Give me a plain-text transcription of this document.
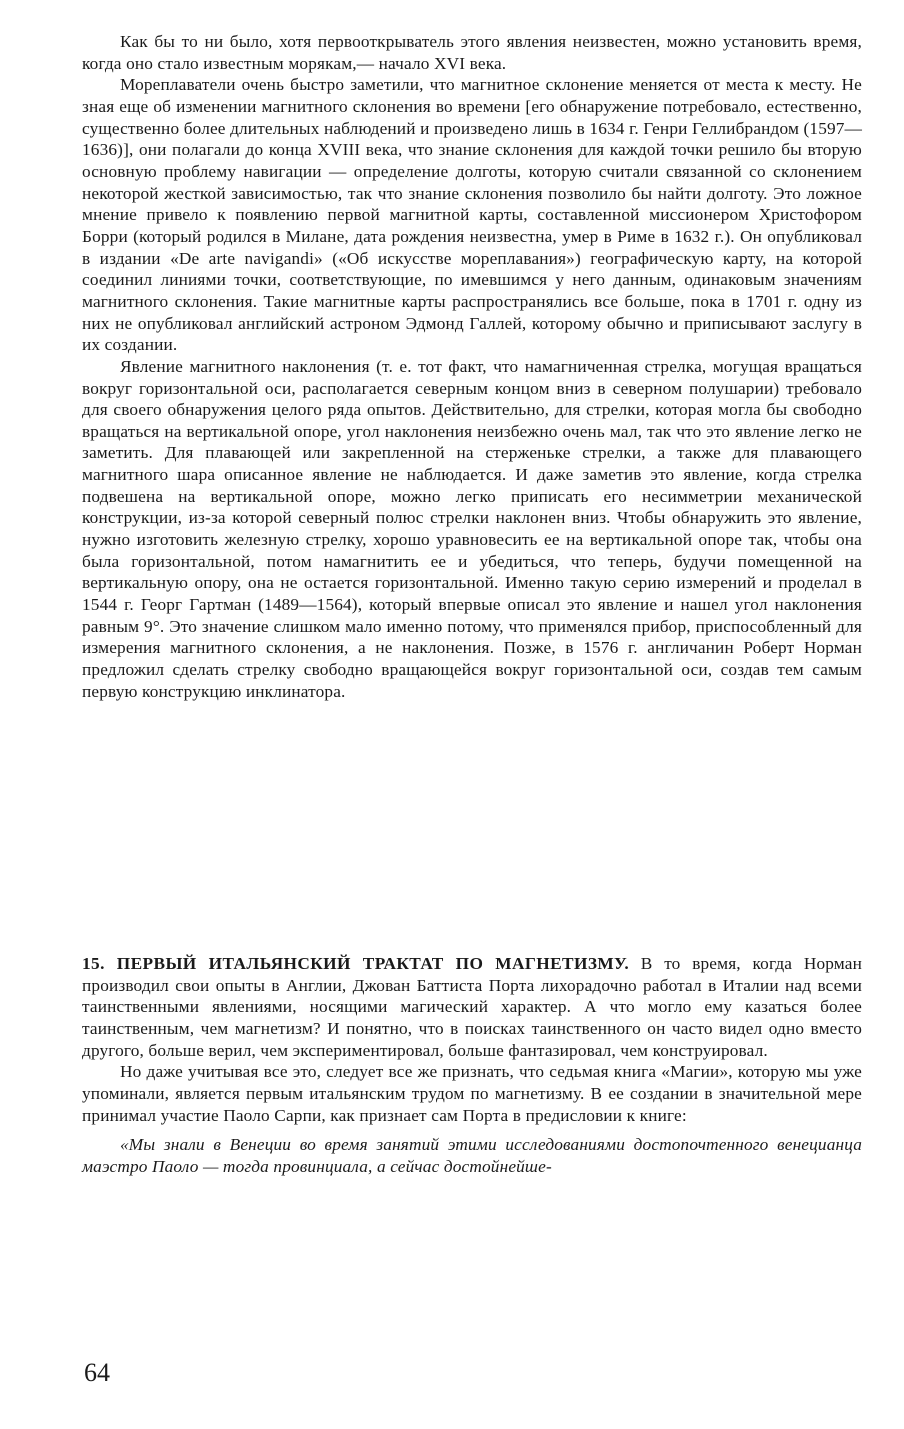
Как бы то ни было, хотя первооткрыватель этого явления неизвестен, можно установить время, когда оно стало известным морякам,— начало XVI века.

Мореплаватели очень быстро заметили, что магнитное склонение меняется от места к месту. Не зная еще об изменении магнитного склонения во времени [его обнаружение потребовало, естественно, существенно более длительных наблюдений и произведено лишь в 1634 г. Генри Геллибрандом (1597—1636)], они полагали до конца XVIII века, что знание склонения для каждой точки решило бы вторую основную проблему навигации — определение долготы, которую считали связанной со склонением некоторой жесткой зависимостью, так что знание склонения позволило бы найти долготу. Это ложное мнение привело к появлению первой магнитной карты, составленной миссионером Христофором Борри (который родился в Милане, дата рождения неизвестна, умер в Риме в 1632 г.). Он опубликовал в издании «De arte navigandi» («Об искусстве мореплавания») географическую карту, на которой соединил линиями точки, соответствующие, по имевшимся у него данным, одинаковым значениям магнитного склонения. Такие магнитные карты распространялись все больше, пока в 1701 г. одну из них не опубликовал английский астроном Эдмонд Галлей, которому обычно и приписывают заслугу в их создании.

Явление магнитного наклонения (т. е. тот факт, что намагниченная стрелка, могущая вращаться вокруг горизонтальной оси, располагается северным концом вниз в северном полушарии) требовало для своего обнаружения целого ряда опытов. Действительно, для стрелки, которая могла бы свободно вращаться на вертикальной опоре, угол наклонения неизбежно очень мал, так что это явление легко не заметить. Для плавающей или закрепленной на стерженьке стрелки, а также для плавающего магнитного шара описанное явление не наблюдается. И даже заметив это явление, когда стрелка подвешена на вертикальной опоре, можно легко приписать его несимметрии механической конструкции, из-за которой северный полюс стрелки наклонен вниз. Чтобы обнаружить это явление, нужно изготовить железную стрелку, хорошо уравновесить ее на вертикальной опоре так, чтобы она была горизонтальной, потом намагнитить ее и убедиться, что теперь, будучи помещенной на вертикальную опору, она не остается горизонтальной. Именно такую серию измерений и проделал в 1544 г. Георг Гартман (1489—1564), который впервые описал это явление и нашел угол наклонения равным 9°. Это значение слишком мало именно потому, что применялся прибор, приспособленный для измерения магнитного склонения, а не наклонения. Позже, в 1576 г. англичанин Роберт Норман предложил сделать стрелку свободно вращающейся вокруг горизонтальной оси, создав тем самым первую конструкцию инклинатора.

15. ПЕРВЫЙ ИТАЛЬЯНСКИЙ ТРАКТАТ ПО МАГНЕТИЗМУ. В то время, когда Норман производил свои опыты в Англии, Джован Баттиста Порта лихорадочно работал в Италии над всеми таинственными явлениями, носящими магический характер. А что могло ему казаться более таинственным, чем магнетизм? И понятно, что в поисках таинственного он часто видел одно вместо другого, больше верил, чем экспериментировал, больше фантазировал, чем конструировал.

Но даже учитывая все это, следует все же признать, что седьмая книга «Магии», которую мы уже упоминали, является первым итальянским трудом по магнетизму. В ее создании в значительной мере принимал участие Паоло Сарпи, как признает сам Порта в предисловии к книге:

«Мы знали в Венеции во время занятий этими исследованиями достопочтенного венецианца маэстро Паоло — тогда провинциала, а сейчас достойнейше-

64
